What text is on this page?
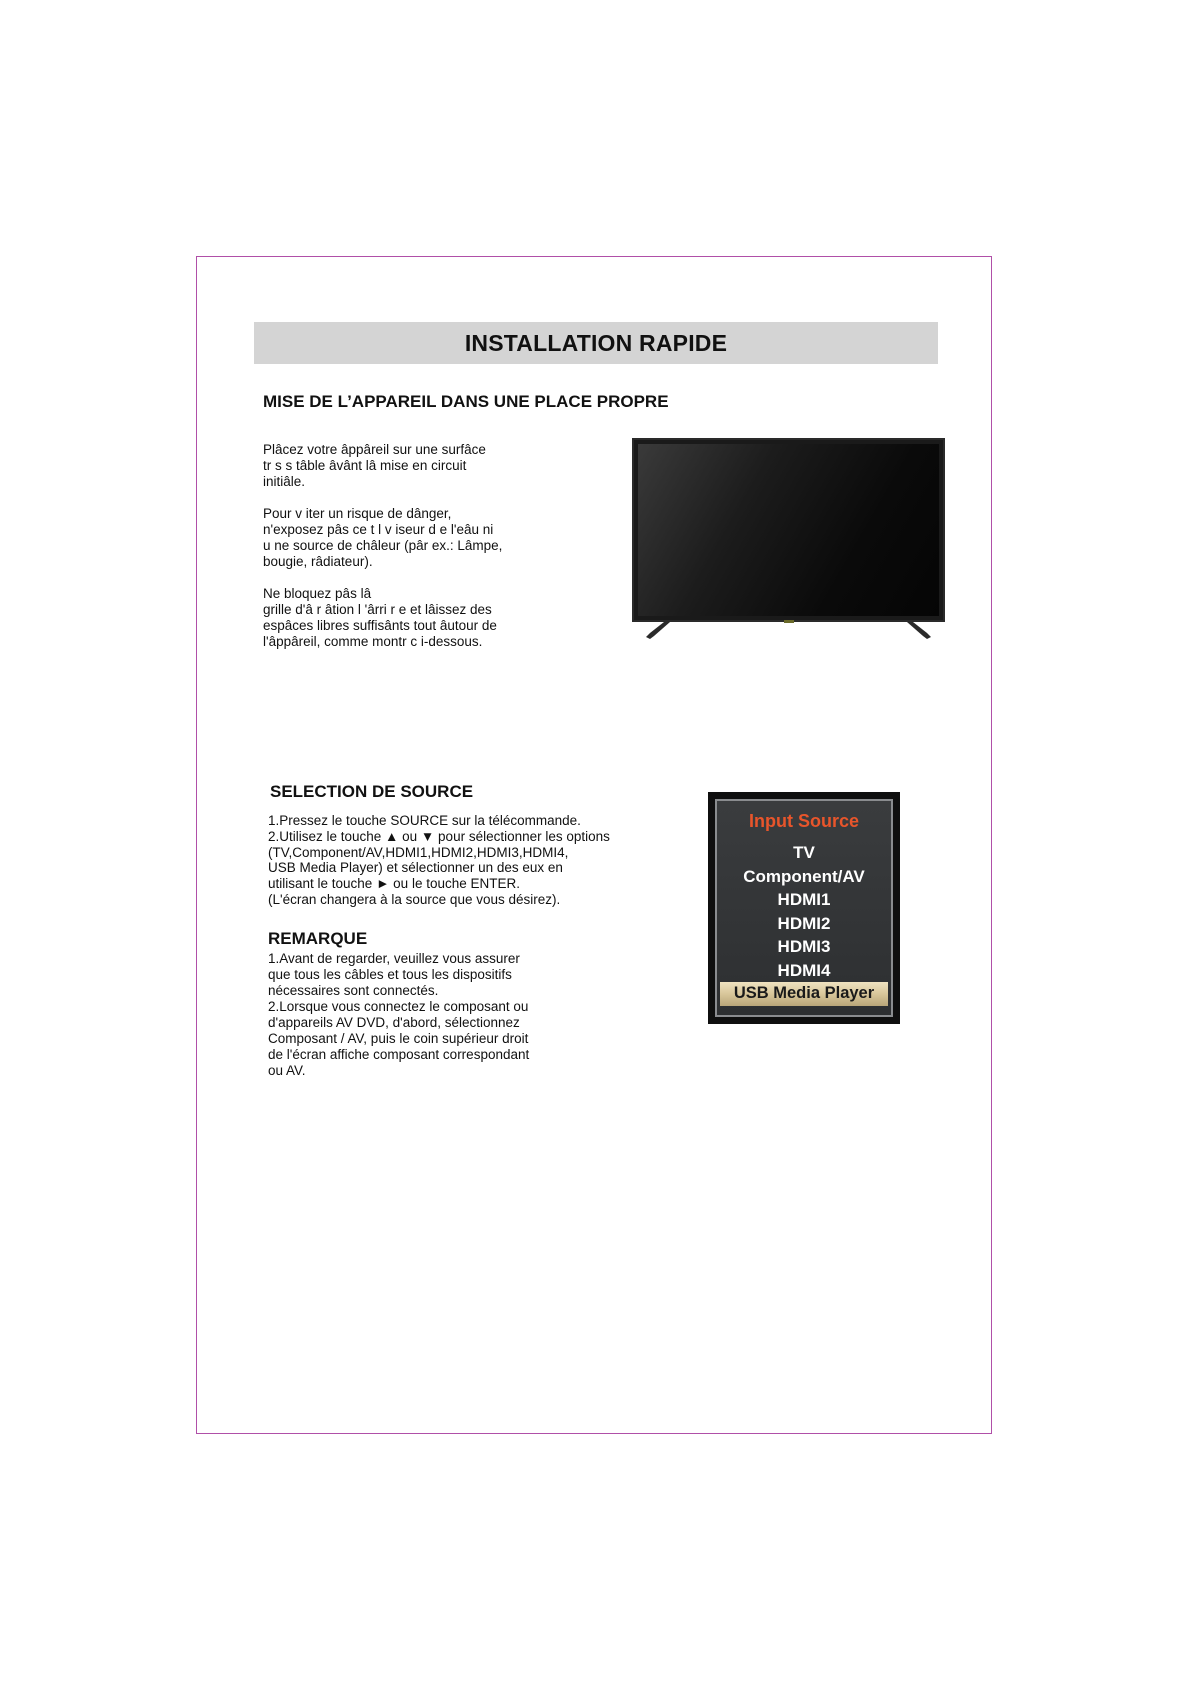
INSTALLATION RAPIDE
MISE DE L’APPAREIL DANS UNE PLACE PROPRE

Plâcez votre âppâreil sur une surfâce
tr s s tâble âvânt lâ mise en circuit
initiâle.

Pour v iter un risque de dânger,
n'exposez pâs ce t l v iseur d e l'eâu ni
u ne source de châleur (pâr ex.: Lâmpe,
bougie, râdiateur).

Ne bloquez pâs lâ
grille d'â r âtion l 'ârri r e et lâissez des
espâces libres suffisânts tout âutour de
l'âppâreil, comme montr c i-dessous.

SELECTION DE SOURCE
1.Pressez le touche SOURCE sur la télécommande.
2.Utilisez le touche ▲ ou ▼ pour sélectionner les options
(TV,Component/AV,HDMI1,HDMI2,HDMI3,HDMI4,
USB Media Player) et sélectionner un des eux en
utilisant le touche ► ou le touche ENTER.
(L'écran changera à la source que vous désirez).
REMARQUE
1.Avant de regarder, veuillez vous assurer
que tous les câbles et tous les dispositifs
nécessaires sont connectés.
2.Lorsque vous connectez le composant ou
d'appareils AV DVD, d'abord, sélectionnez
Composant / AV, puis le coin supérieur droit
de l'écran affiche composant correspondant
ou AV.
Input Source
TV
Component/AV
HDMI1
HDMI2
HDMI3
HDMI4
USB Media Player
